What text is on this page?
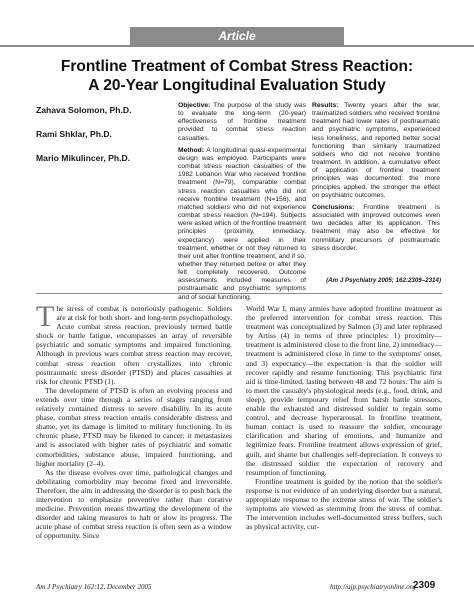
Article
Frontline Treatment of Combat Stress Reaction:
A 20-Year Longitudinal Evaluation Study
Zahava Solomon, Ph.D.
Rami Shklar, Ph.D.
Mario Mikulincer, Ph.D.

Objective: The purpose of the study was to evaluate the long-term (20-year) effectiveness of frontline treatment provided to combat stress reaction casualties.

Method: A longitudinal quasi-experimental design was employed. Participants were combat stress reaction casualties of the 1982 Lebanon War who received frontline treatment (N=79), comparable combat stress reaction casualties who did not receive frontline treatment (N=156), and matched soldiers who did not experience combat stress reaction (N=194). Subjects were asked which of the frontline treatment principles (proximity, immediacy, expectancy) were applied in their treatment, whether or not they returned to their unit after frontline treatment, and if so, whether they returned before or after they felt completely recovered. Outcome assessments included measures of posttraumatic and psychiatric symptoms and of social functioning.

Results: Twenty years after the war, traumatized soldiers who received frontline treatment had lower rates of posttraumatic and psychiatric symptoms, experienced less loneliness, and reported better social functioning than similarly traumatized soldiers who did not receive frontline treatment. In addition, a cumulative effect of application of frontline treatment principles was documented: the more principles applied, the stronger the effect on psychiatric outcomes.

Conclusions: Frontline treatment is associated with improved outcomes even two decades after its application. This treatment may also be effective for nonmilitary precursors of posttraumatic stress disorder.

(Am J Psychiatry 2005; 162:2309–2314)

The stress of combat is notoriously pathogenic. Soldiers are at risk for both short- and long-term psychopathology. Acute combat stress reaction, previously termed battle shock or battle fatigue, encompasses an array of reversible psychiatric and somatic symptoms and impaired functioning. Although in previous wars combat stress reaction may recover, combat stress reaction often crystallizes into chronic posttraumatic stress disorder (PTSD) and places casualties at risk for chronic PTSD (1).

The development of PTSD is often an evolving process and extends over time through a series of stages ranging from relatively contained distress to severe disability. In its acute phase, combat stress reaction entails considerable distress and shame, yet its damage is limited to military functioning. In its chronic phase, PTSD may be likened to cancer; it metastasizes and is associated with higher rates of psychiatric and somatic comorbidities, substance abuse, impaired functioning, and higher mortality (2–4).

As the disease evolves over time, pathological changes and debilitating comorbidity may become fixed and irreversible. Therefore, the aim in addressing the disorder is to push back the intervention to emphasize preventive rather than curative medicine. Prevention means thwarting the development of the disorder and taking measures to halt or slow its progress. The acute phase of combat stress reaction is often seen as a window of opportunity. Since

World War I, many armies have adopted frontline treatment as the preferred intervention for combat stress reaction. This treatment was conceptualized by Salmon (3) and later rephrased by Artiss (4) in terms of three principles: 1) proximity—treatment is administered close to the front line, 2) immediacy—treatment is administered close in time to the symptoms' onset, and 3) expectancy—the expectation is that the soldier will recover rapidly and resume functioning. This psychiatric first aid is time-limited, lasting between 48 and 72 hours. The aim is to meet the casualty's physiological needs (e.g., food, drink, and sleep), provide temporary relief from harsh battle stressors, enable the exhausted and distressed soldier to regain some control, and decrease hyperarousal. In frontline treatment, human contact is used to reassure the soldier, encourage clarification and sharing of emotions, and humanize and legitimize fears. Frontline treatment allows expression of grief, guilt, and shame but challenges self-depreciation. It conveys to the distressed soldier the expectation of recovery and resumption of functioning.

Frontline treatment is guided by the notion that the soldier's response is not evidence of an underlying disorder but a natural, appropriate response to the extreme stress of war. The soldier's symptoms are viewed as stemming from the stress of combat. The intervention includes well-documented stress buffers, such as physical activity, cur-

Am J Psychiatry 162:12, December 2005	http://ajp.psychiatryonline.org
2309
